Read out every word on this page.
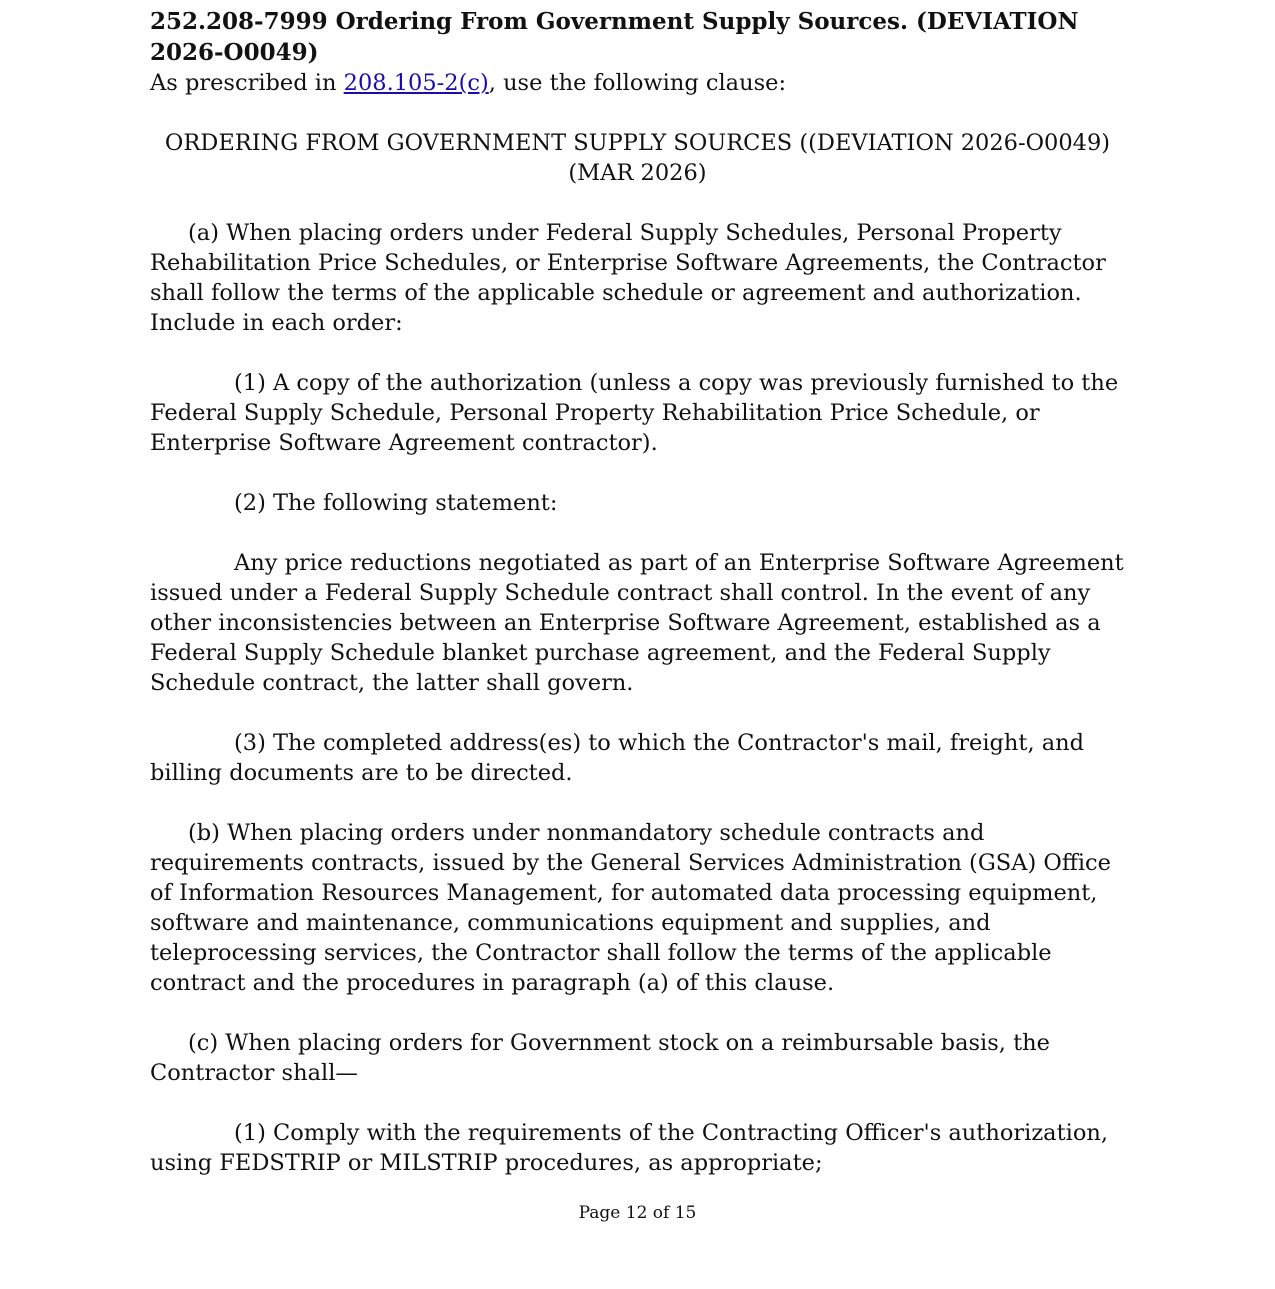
252.208-7999 Ordering From Government Supply Sources. (DEVIATION 2026-O0049)

As prescribed in 208.105-2(c), use the following clause:

ORDERING FROM GOVERNMENT SUPPLY SOURCES ((DEVIATION 2026-O0049) (MAR 2026)

(a) When placing orders under Federal Supply Schedules, Personal Property Rehabilitation Price Schedules, or Enterprise Software Agreements, the Contractor shall follow the terms of the applicable schedule or agreement and authorization. Include in each order:

(1) A copy of the authorization (unless a copy was previously furnished to the Federal Supply Schedule, Personal Property Rehabilitation Price Schedule, or Enterprise Software Agreement contractor).

(2) The following statement:

Any price reductions negotiated as part of an Enterprise Software Agreement issued under a Federal Supply Schedule contract shall control. In the event of any other inconsistencies between an Enterprise Software Agreement, established as a Federal Supply Schedule blanket purchase agreement, and the Federal Supply Schedule contract, the latter shall govern.

(3) The completed address(es) to which the Contractor's mail, freight, and billing documents are to be directed.

(b) When placing orders under nonmandatory schedule contracts and requirements contracts, issued by the General Services Administration (GSA) Office of Information Resources Management, for automated data processing equipment, software and maintenance, communications equipment and supplies, and teleprocessing services, the Contractor shall follow the terms of the applicable contract and the procedures in paragraph (a) of this clause.

(c) When placing orders for Government stock on a reimbursable basis, the Contractor shall—

(1) Comply with the requirements of the Contracting Officer's authorization, using FEDSTRIP or MILSTRIP procedures, as appropriate;

Page 12 of 15
